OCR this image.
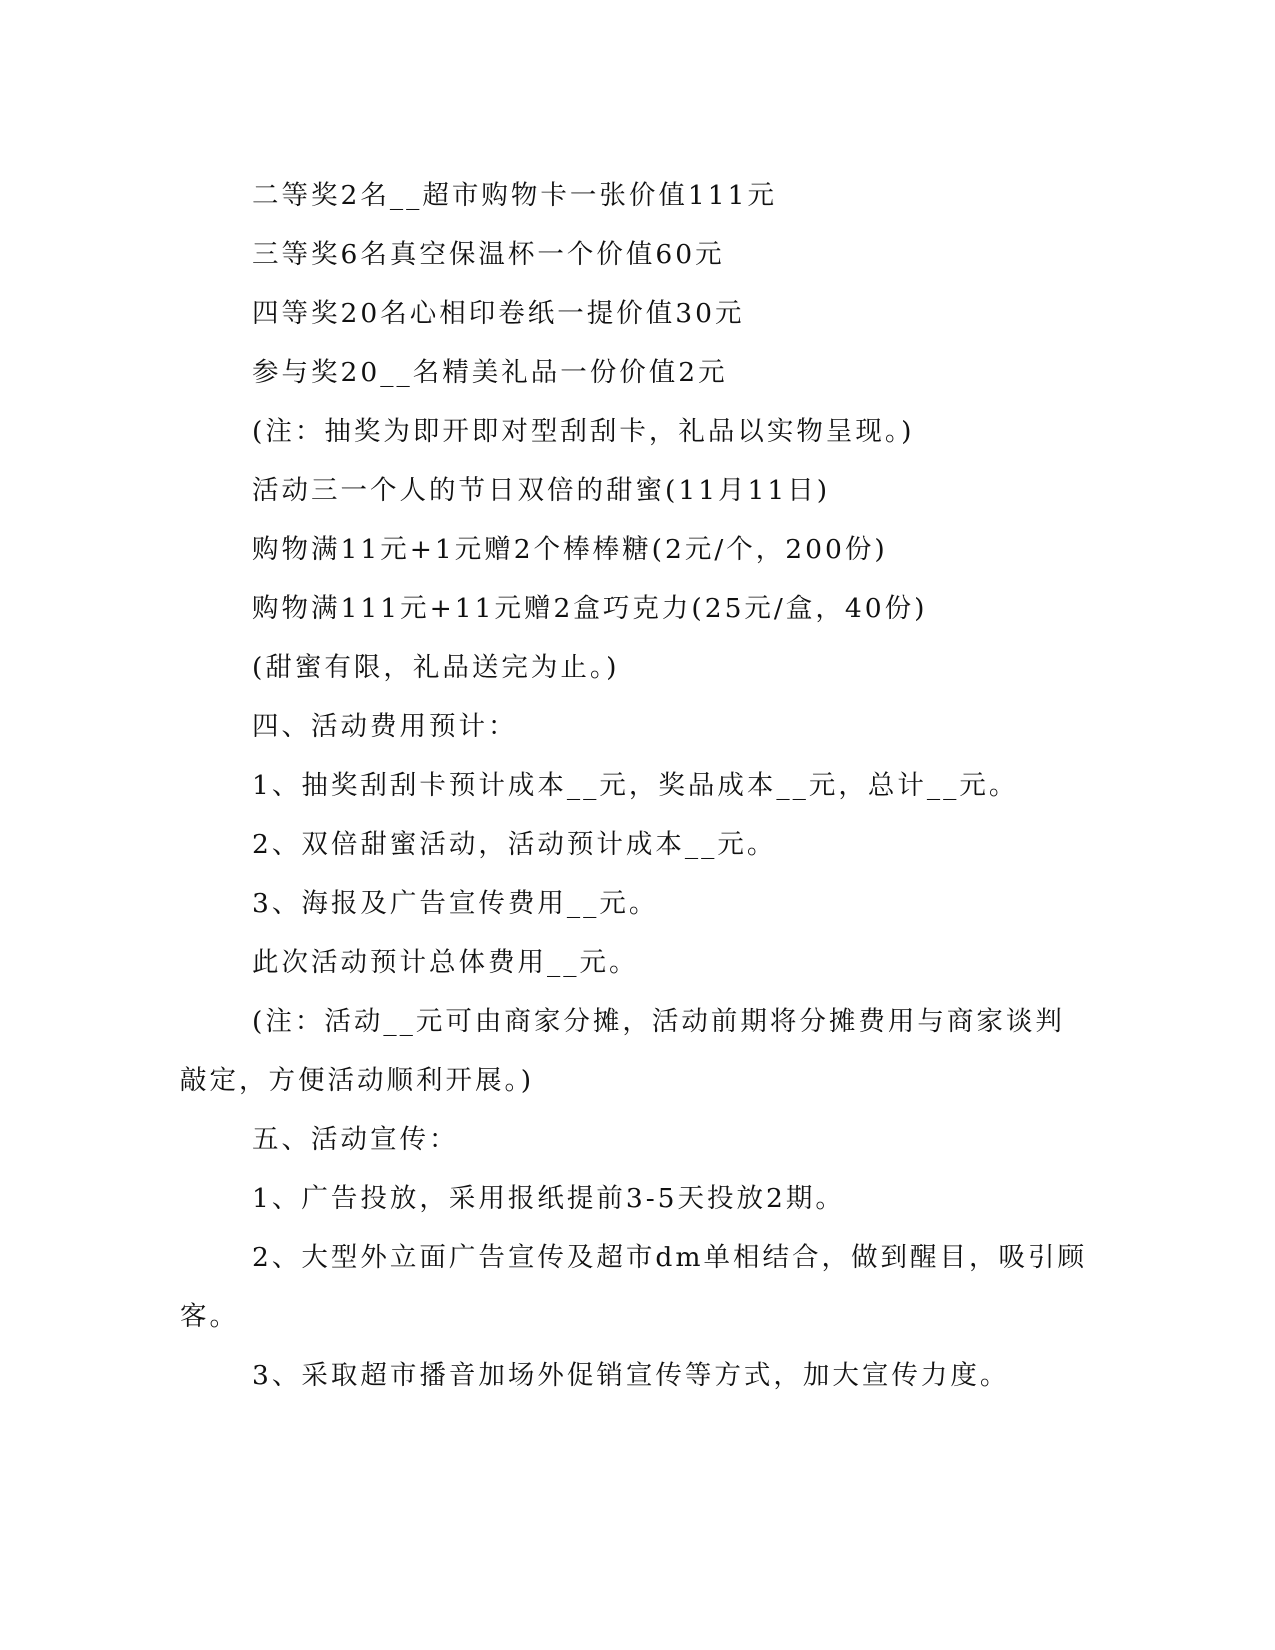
二等奖2名__超市购物卡一张价值111元
三等奖6名真空保温杯一个价值60元
四等奖20名心相印卷纸一提价值30元
参与奖20__名精美礼品一份价值2元
(注：抽奖为即开即对型刮刮卡，礼品以实物呈现。)
活动三一个人的节日双倍的甜蜜(11月11日)
购物满11元+1元赠2个棒棒糖(2元/个，200份)
购物满111元+11元赠2盒巧克力(25元/盒，40份)
(甜蜜有限，礼品送完为止。)
四、活动费用预计：
1、抽奖刮刮卡预计成本__元，奖品成本__元，总计__元。
2、双倍甜蜜活动，活动预计成本__元。
3、海报及广告宣传费用__元。
此次活动预计总体费用__元。
(注：活动__元可由商家分摊，活动前期将分摊费用与商家谈判
敲定，方便活动顺利开展。)
五、活动宣传：
1、广告投放，采用报纸提前3-5天投放2期。
2、大型外立面广告宣传及超市dm单相结合，做到醒目，吸引顾
客。
3、采取超市播音加场外促销宣传等方式，加大宣传力度。
